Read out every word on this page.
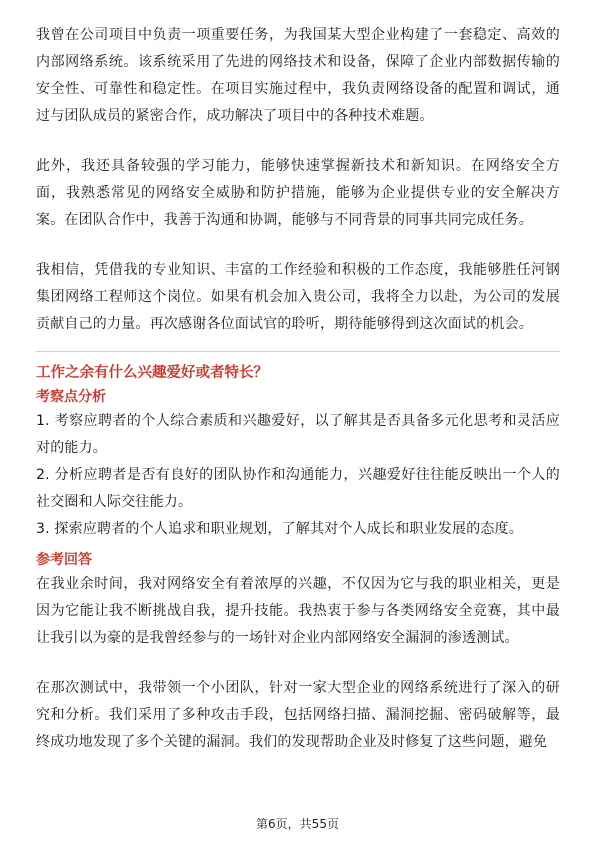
我曾在公司项目中负责一项重要任务，为我国某大型企业构建了一套稳定、高效的内部网络系统。该系统采用了先进的网络技术和设备，保障了企业内部数据传输的安全性、可靠性和稳定性。在项目实施过程中，我负责网络设备的配置和调试，通过与团队成员的紧密合作，成功解决了项目中的各种技术难题。

此外，我还具备较强的学习能力，能够快速掌握新技术和新知识。在网络安全方面，我熟悉常见的网络安全威胁和防护措施，能够为企业提供专业的安全解决方案。在团队合作中，我善于沟通和协调，能够与不同背景的同事共同完成任务。

我相信，凭借我的专业知识、丰富的工作经验和积极的工作态度，我能够胜任河钢集团网络工程师这个岗位。如果有机会加入贵公司，我将全力以赴，为公司的发展贡献自己的力量。再次感谢各位面试官的聆听，期待能够得到这次面试的机会。

工作之余有什么兴趣爱好或者特长？

考察点分析

1. 考察应聘者的个人综合素质和兴趣爱好，以了解其是否具备多元化思考和灵活应对的能力。

2. 分析应聘者是否有良好的团队协作和沟通能力，兴趣爱好往往能反映出一个人的社交圈和人际交往能力。

3. 探索应聘者的个人追求和职业规划，了解其对个人成长和职业发展的态度。

参考回答

在我业余时间，我对网络安全有着浓厚的兴趣，不仅因为它与我的职业相关，更是因为它能让我不断挑战自我，提升技能。我热衷于参与各类网络安全竞赛，其中最让我引以为豪的是我曾经参与的一场针对企业内部网络安全漏洞的渗透测试。

在那次测试中，我带领一个小团队，针对一家大型企业的网络系统进行了深入的研究和分析。我们采用了多种攻击手段，包括网络扫描、漏洞挖掘、密码破解等，最终成功地发现了多个关键的漏洞。我们的发现帮助企业及时修复了这些问题，避免

第6页，共55页
